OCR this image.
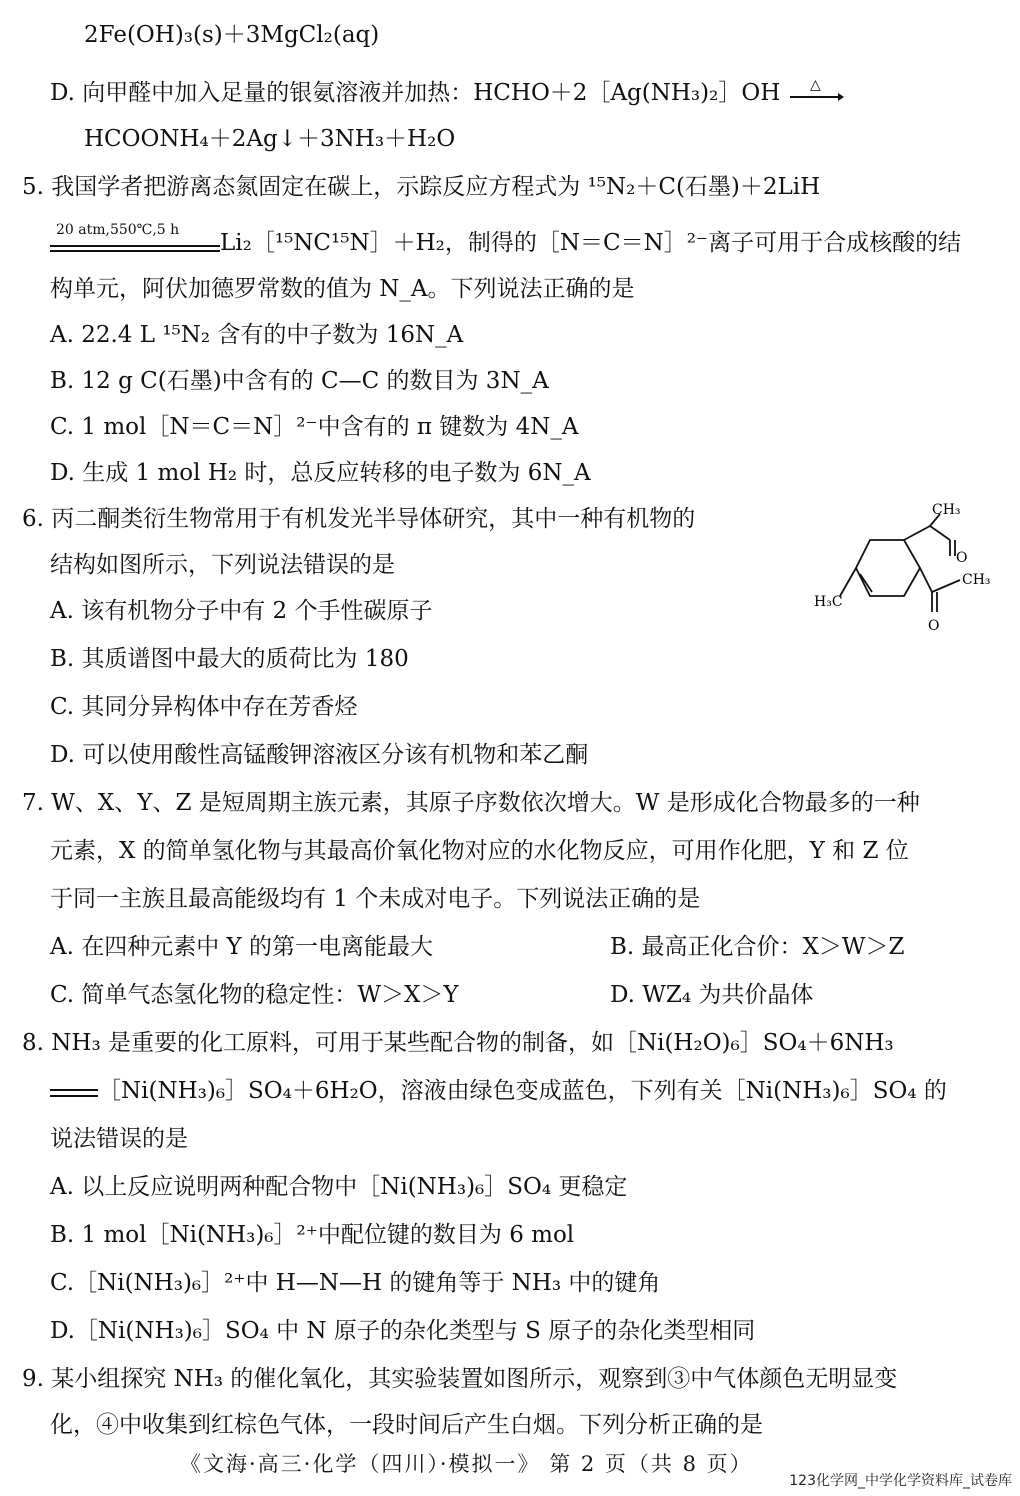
2Fe(OH)₃(s)＋3MgCl₂(aq)
D. 向甲醛中加入足量的银氨溶液并加热：HCHO＋2［Ag(NH₃)₂］OH △
HCOONH₄＋2Ag↓＋3NH₃＋H₂O
5. 我国学者把游离态氮固定在碳上，示踪反应方程式为 ¹⁵N₂＋C(石墨)＋2LiH
20 atm,550℃,5 h Li₂［¹⁵NC¹⁵N］＋H₂，制得的［N＝C＝N］²⁻离子可用于合成核酸的结
构单元，阿伏加德罗常数的值为 N_A。下列说法正确的是
A. 22.4 L ¹⁵N₂ 含有的中子数为 16N_A
B. 12 g C(石墨)中含有的 C—C 的数目为 3N_A
C. 1 mol［N＝C＝N］²⁻中含有的 π 键数为 4N_A
D. 生成 1 mol H₂ 时，总反应转移的电子数为 6N_A
6. 丙二酮类衍生物常用于有机发光半导体研究，其中一种有机物的
结构如图所示，下列说法错误的是
A. 该有机物分子中有 2 个手性碳原子
B. 其质谱图中最大的质荷比为 180
C. 其同分异构体中存在芳香烃
D. 可以使用酸性高锰酸钾溶液区分该有机物和苯乙酮
CH₃
CH₃
H₃C
O
O
7. W、X、Y、Z 是短周期主族元素，其原子序数依次增大。W 是形成化合物最多的一种
元素，X 的简单氢化物与其最高价氧化物对应的水化物反应，可用作化肥，Y 和 Z 位
于同一主族且最高能级均有 1 个未成对电子。下列说法正确的是
A. 在四种元素中 Y 的第一电离能最大	B. 最高正化合价：X＞W＞Z
C. 简单气态氢化物的稳定性：W＞X＞Y	D. WZ₄ 为共价晶体
8. NH₃ 是重要的化工原料，可用于某些配合物的制备，如［Ni(H₂O)₆］SO₄＋6NH₃
［Ni(NH₃)₆］SO₄＋6H₂O，溶液由绿色变成蓝色，下列有关［Ni(NH₃)₆］SO₄ 的
说法错误的是
A. 以上反应说明两种配合物中［Ni(NH₃)₆］SO₄ 更稳定
B. 1 mol［Ni(NH₃)₆］²⁺中配位键的数目为 6 mol
C.［Ni(NH₃)₆］²⁺中 H—N—H 的键角等于 NH₃ 中的键角
D.［Ni(NH₃)₆］SO₄ 中 N 原子的杂化类型与 S 原子的杂化类型相同
9. 某小组探究 NH₃ 的催化氧化，其实验装置如图所示，观察到③中气体颜色无明显变
化，④中收集到红棕色气体，一段时间后产生白烟。下列分析正确的是
《文海·高三·化学（四川）·模拟一》 第 2 页（共 8 页）
123化学网_中学化学资料库_试卷库
